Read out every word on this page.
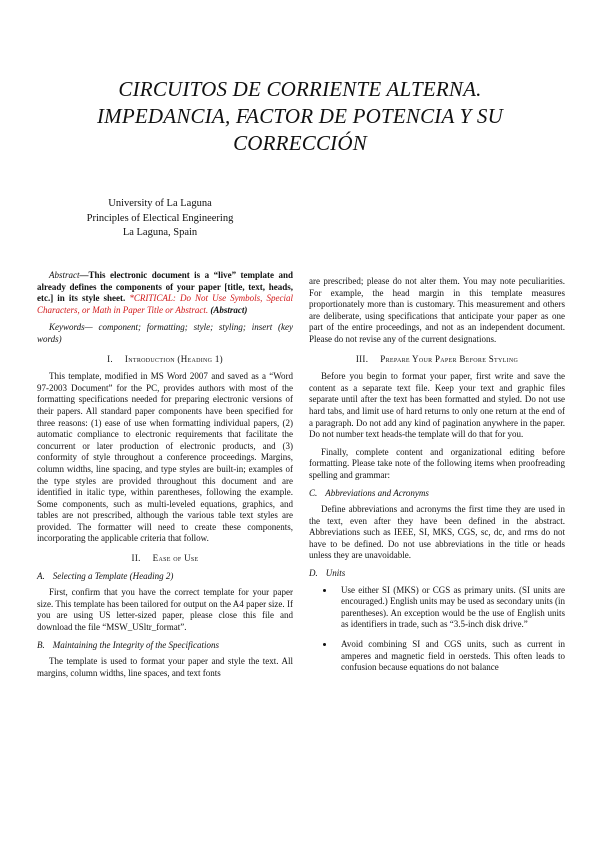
CIRCUITOS DE CORRIENTE ALTERNA.
IMPEDANCIA, FACTOR DE POTENCIA Y SU
CORRECCIÓN
University of La Laguna
Principles of Electical Engineering
La Laguna, Spain

Abstract—This electronic document is a “live” template and already defines the components of your paper [title, text, heads, etc.] in its style sheet. *CRITICAL: Do Not Use Symbols, Special Characters, or Math in Paper Title or Abstract. (Abstract)

Keywords— component; formatting; style; styling; insert (key words)

I. Introduction (Heading 1)

This template, modified in MS Word 2007 and saved as a “Word 97-2003 Document” for the PC, provides authors with most of the formatting specifications needed for preparing electronic versions of their papers. All standard paper components have been specified for three reasons: (1) ease of use when formatting individual papers, (2) automatic compliance to electronic requirements that facilitate the concurrent or later production of electronic products, and (3) conformity of style throughout a conference proceedings. Margins, column widths, line spacing, and type styles are built-in; examples of the type styles are provided throughout this document and are identified in italic type, within parentheses, following the example. Some components, such as multi-leveled equations, graphics, and tables are not prescribed, although the various table text styles are provided. The formatter will need to create these components, incorporating the applicable criteria that follow.

II. Ease of Use
A. Selecting a Template (Heading 2)

First, confirm that you have the correct template for your paper size. This template has been tailored for output on the A4 paper size. If you are using US letter-sized paper, please close this file and download the file “MSW_USltr_format”.

B. Maintaining the Integrity of the Specifications

The template is used to format your paper and style the text. All margins, column widths, line spaces, and text fonts

are prescribed; please do not alter them. You may note peculiarities. For example, the head margin in this template measures proportionately more than is customary. This measurement and others are deliberate, using specifications that anticipate your paper as one part of the entire proceedings, and not as an independent document. Please do not revise any of the current designations.

III. Prepare Your Paper Before Styling

Before you begin to format your paper, first write and save the content as a separate text file. Keep your text and graphic files separate until after the text has been formatted and styled. Do not use hard tabs, and limit use of hard returns to only one return at the end of a paragraph. Do not add any kind of pagination anywhere in the paper. Do not number text heads-the template will do that for you.

Finally, complete content and organizational editing before formatting. Please take note of the following items when proofreading spelling and grammar:

C. Abbreviations and Acronyms

Define abbreviations and acronyms the first time they are used in the text, even after they have been defined in the abstract. Abbreviations such as IEEE, SI, MKS, CGS, sc, dc, and rms do not have to be defined. Do not use abbreviations in the title or heads unless they are unavoidable.

D. Units
• Use either SI (MKS) or CGS as primary units. (SI units are encouraged.) English units may be used as secondary units (in parentheses). An exception would be the use of English units as identifiers in trade, such as “3.5-inch disk drive.”
• Avoid combining SI and CGS units, such as current in amperes and magnetic field in oersteds. This often leads to confusion because equations do not balance
